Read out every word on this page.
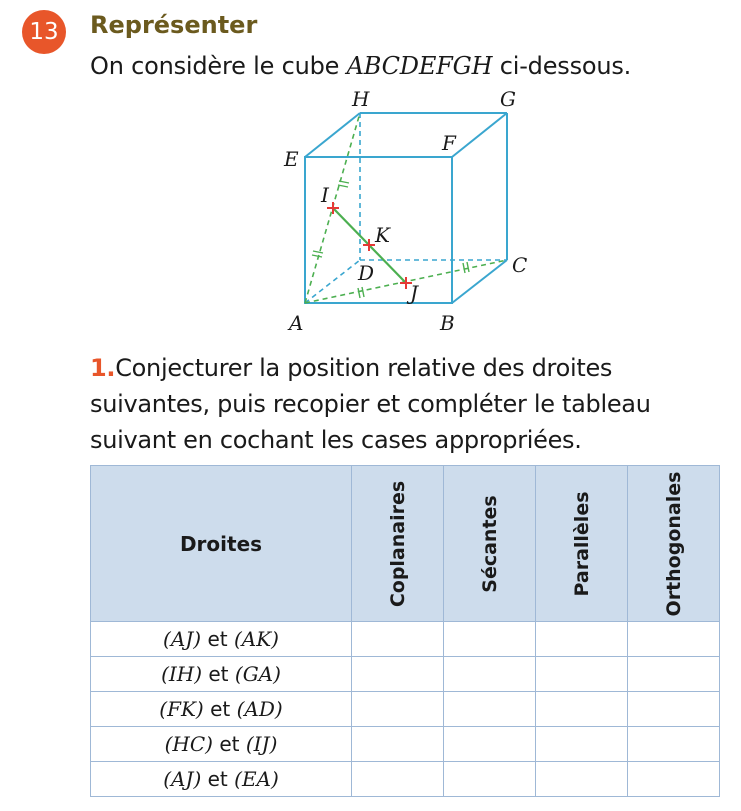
13	Représenter
On considère le cube ABCDEFGH ci-dessous.
A	B
C
D
E
F
G
H
I
J
K
1.Conjecturer la position relative des droites suivantes, puis recopier et compléter le tableau suivant en cochant les cases appropriées.
Droites	Coplanaires	Sécantes	Parallèles	Orthogonales

(AJ) et (AK)				
(IH) et (GA)				
(FK) et (AD)				
(HC) et (IJ)				
(AJ) et (EA)				
